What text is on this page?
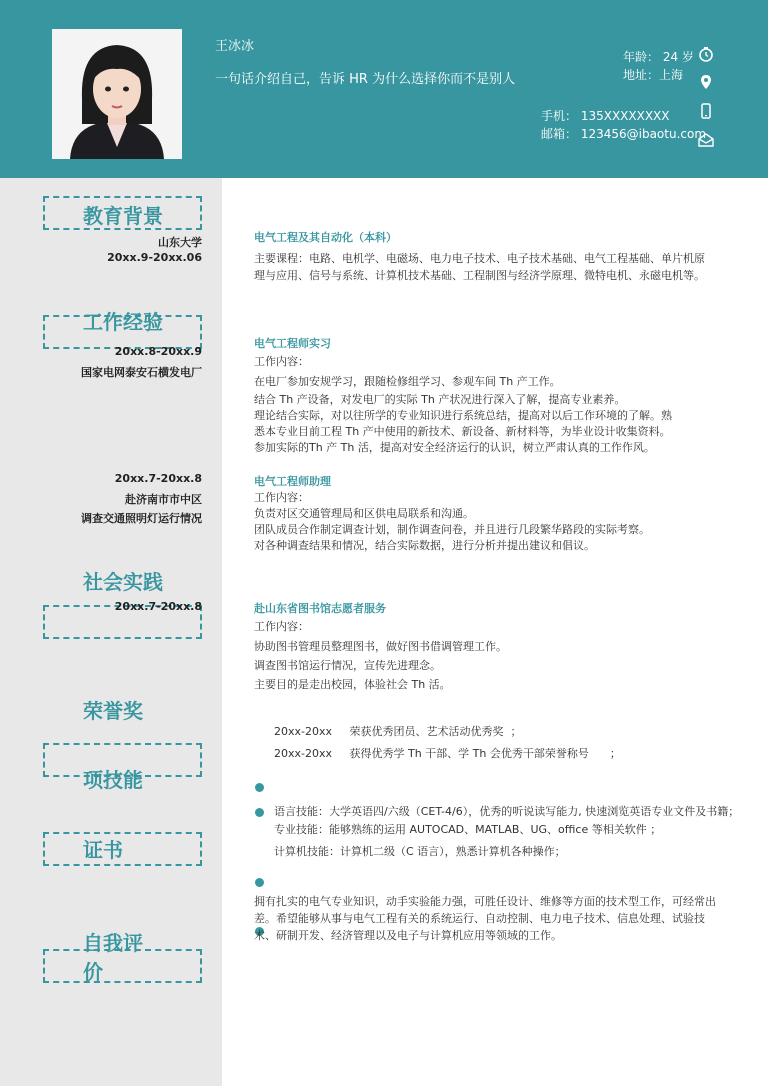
王冰冰
一句话介绍自己，告诉 HR 为什么选择你而不是别人
年龄： 24 岁
地址：上海
手机： 135XXXXXXXX
邮箱： 123456@ibaotu.com
教育背景
山东大学
20xx.9-20xx.06
工作经验
20xx.8-20xx.9
国家电网泰安石横发电厂
20xx.7-20xx.8
赴济南市市中区
调查交通照明灯运行情况
社会实践
20xx.7-20xx.8
荣誉奖
项技能
证书
自我评
价
电气工程及其自动化（本科）
主要课程：电路、电机学、电磁场、电力电子技术、电子技术基础、电气工程基础、单片机原理与应用、信号与系统、计算机技术基础、工程制图与经济学原理、微特电机、永磁电机等。
电气工程师实习
工作内容：
在电厂参加安规学习，跟随检修组学习、参观车间 Th 产工作。
结合 Th 产设备，对发电厂的实际 Th 产状况进行深入了解，提高专业素养。
理论结合实际，对以往所学的专业知识进行系统总结，提高对以后工作环境的了解。熟
悉本专业目前工程 Th 产中使用的新技术、新设备、新材料等，为毕业设计收集资料。
参加实际的Th 产 Th 活，提高对安全经济运行的认识，树立严肃认真的工作作风。
电气工程师助理
工作内容：
负责对区交通管理局和区供电局联系和沟通。
团队成员合作制定调查计划，制作调查问卷，并且进行几段繁华路段的实际考察。
对各种调查结果和情况，结合实际数据，进行分析并提出建议和倡议。
赴山东省图书馆志愿者服务
工作内容：
协助图书管理员整理图书，做好图书借调管理工作。
调查图书馆运行情况，宣传先进理念。
主要目的是走出校园，体验社会 Th 活。
20xx-20xx     荣获优秀团员、艺术活动优秀奖  ；
20xx-20xx     获得优秀学 Th 干部、学 Th 会优秀干部荣誉称号      ；
语言技能：大学英语四/六级（CET-4/6），优秀的听说读写能力, 快速浏览英语专业文件及书籍；
专业技能：能够熟练的运用 AUTOCAD、MATLAB、UG、office 等相关软件 ；
计算机技能：计算机二级（C 语言），熟悉计算机各种操作；
拥有扎实的电气专业知识，动手实验能力强，可胜任设计、维修等方面的技术型工作，可经常出差。希望能够从事与电气工程有关的系统运行、自动控制、电力电子技术、信息处理、试验技术、研制开发、经济管理以及电子与计算机应用等领域的工作。
